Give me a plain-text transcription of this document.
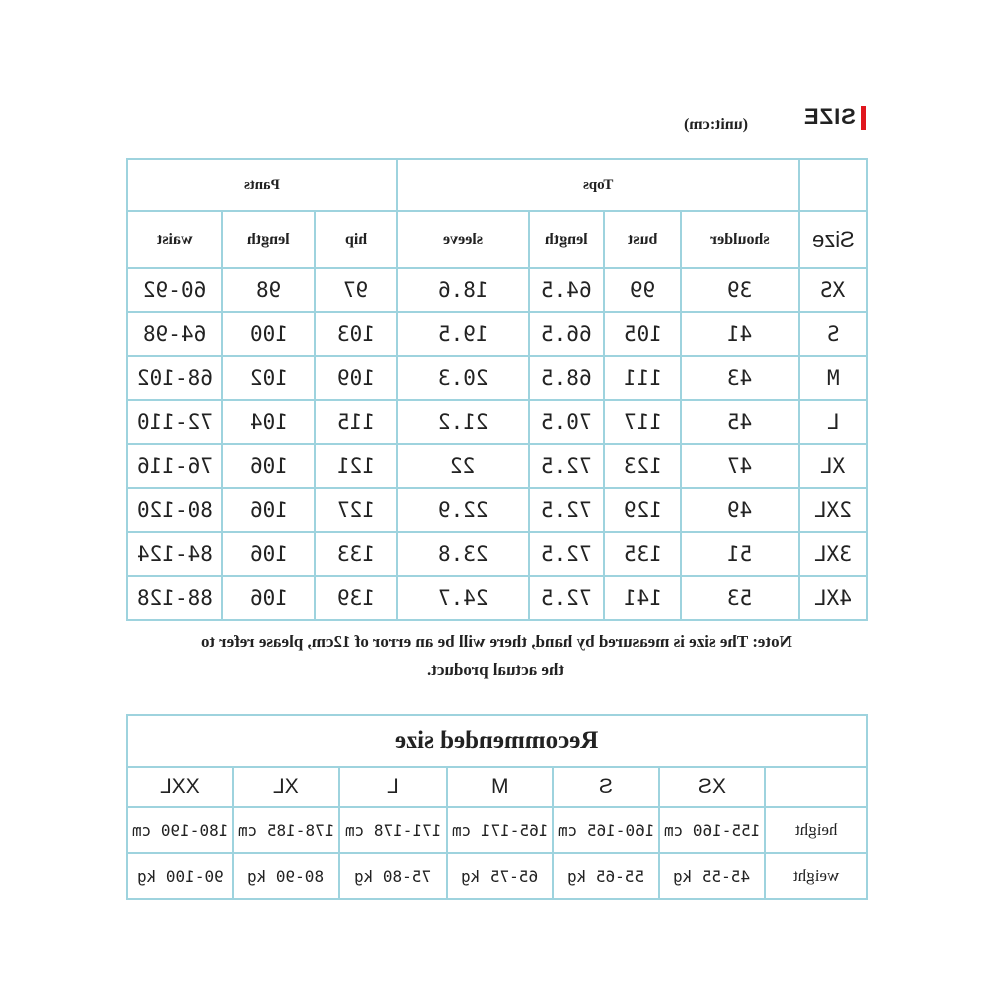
SIZE
(unit:cm)
Pants			Tops				
waist	length	hip	sleeve	length	bust	shoulder	Size
60-92	98	97	18.6	64.5	99	39	XS
64-98	100	103	19.5	66.5	105	41	S
68-102	102	109	20.3	68.5	111	43	M
72-110	104	115	21.2	70.5	117	45	L
76-116	106	121	22	72.5	123	47	XL
80-120	106	127	22.9	72.5	129	49	2XL
84-124	106	133	23.8	72.5	135	51	3XL
88-128	106	139	24.7	72.5	141	53	4XL
Note: The size is measured by hand, there will be an error of 12cm, please refer to
the actual product.
Recommended size						
XXL	XL	L	M	S	XS	
180-190 cm	178-185 cm	171-178 cm	165-171 cm	160-165 cm	155-160 cm	height
90-100 kg	80-90 kg	75-80 kg	65-75 kg	55-65 kg	45-55 kg	weight
